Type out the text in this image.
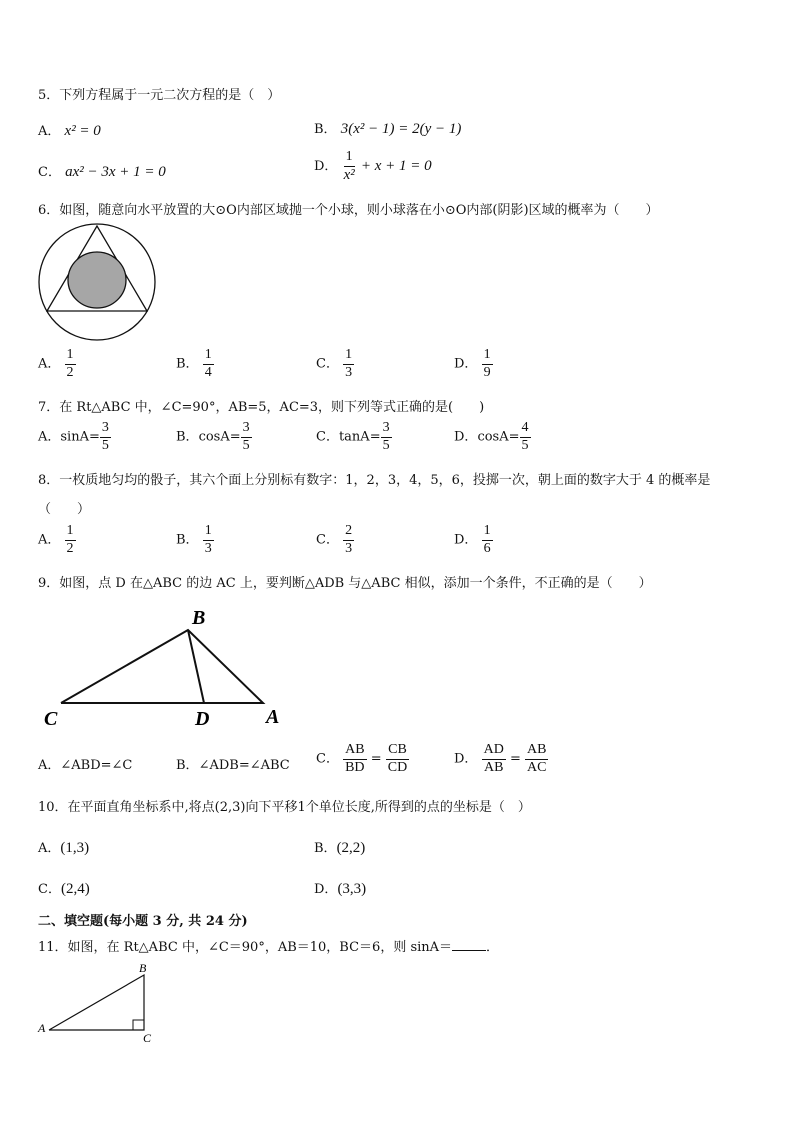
5．下列方程属于一元二次方程的是（　）
A． x² = 0	B． 3(x² − 1) = 2(y − 1)
C． ax² − 3x + 1 = 0	D． $\frac{1}{\text{x²}} + x + 1 = 0$
6．如图，随意向水平放置的大⊙O内部区域抛一个小球，则小球落在小⊙O内部(阴影)区域的概率为（　　）
A． $\frac{1}{2}$	B． $\frac{1}{4}$	C． $\frac{1}{3}$	D． $\frac{1}{9}$
7．在 Rt△ABC 中，∠C=90°，AB=5，AC=3，则下列等式正确的是(　　)
A．$\sin A= \frac{3}{5}$	B．$\cos A= \frac{3}{5}$	C．$\tan A= \frac{3}{5}$	D．$\cos A= \frac{4}{5}$
8．一枚质地匀均的骰子，其六个面上分别标有数字：1，2，3，4，5，6，投掷一次，朝上面的数字大于 4 的概率是
（　　）
A． $\frac{1}{2}$	B． $\frac{1}{3}$	C． $\frac{2}{3}$	D． $\frac{1}{6}$
9．如图，点 D 在△ABC 的边 AC 上，要判断△ADB 与△ABC 相似，添加一个条件，不正确的是（　　）
B
C	D	A
A．∠ABD=∠C	B．∠ADB=∠ABC C． $\frac{AB}{BD} = \frac{CB}{CD}$	D． $\frac{AD}{AB} = \frac{AB}{AC}$
10．在平面直角坐标系中,将点(2,3)向下平移1个单位长度,所得到的点的坐标是（　）
A．(1,3)	B．(2,2)
C．(2,4)	D．(3,3)
二、填空题(每小题 3 分, 共 24 分)
11．如图，在 Rt△ABC 中，∠C＝90°，AB＝10，BC＝6，则 sinA＝	．
B
A
C
